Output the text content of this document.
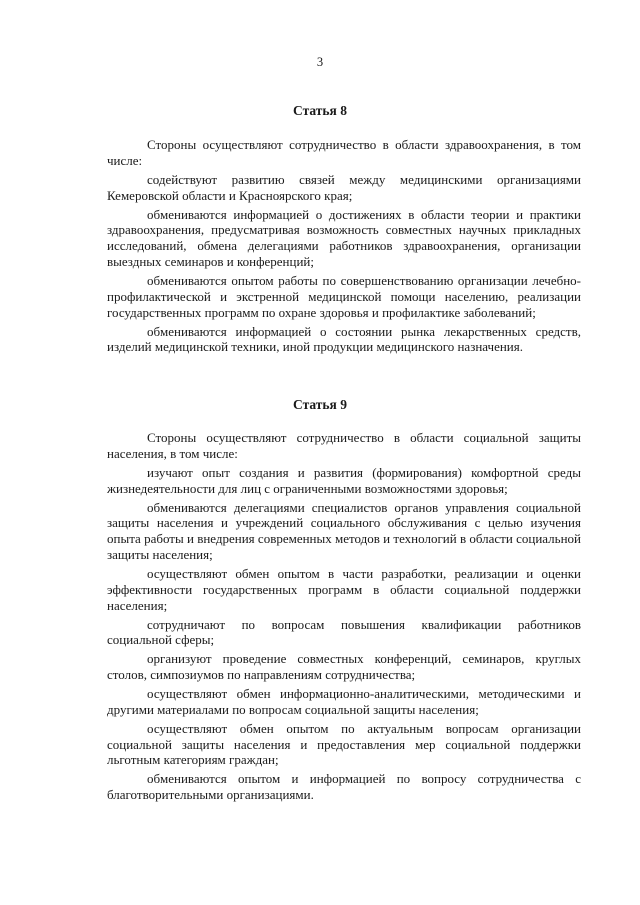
3
Статья 8

Стороны осуществляют сотрудничество в области здравоохранения, в том числе:

содействуют развитию связей между медицинскими организациями Кемеровской области и Красноярского края;

обмениваются информацией о достижениях в области теории и практики здравоохранения, предусматривая возможность совместных научных прикладных исследований, обмена делегациями работников здравоохранения, организации выездных семинаров и конференций;

обмениваются опытом работы по совершенствованию организации лечебно-профилактической и экстренной медицинской помощи населению, реализации государственных программ по охране здоровья и профилактике заболеваний;

обмениваются информацией о состоянии рынка лекарственных средств, изделий медицинской техники, иной продукции медицинского назначения.

Статья 9

Стороны осуществляют сотрудничество в области социальной защиты населения, в том числе:

изучают опыт создания и развития (формирования) комфортной среды жизнедеятельности для лиц с ограниченными возможностями здоровья;

обмениваются делегациями специалистов органов управления социальной защиты населения и учреждений социального обслуживания с целью изучения опыта работы и внедрения современных методов и технологий в области социальной защиты населения;

осуществляют обмен опытом в части разработки, реализации и оценки эффективности государственных программ в области социальной поддержки населения;

сотрудничают по вопросам повышения квалификации работников социальной сферы;

организуют проведение совместных конференций, семинаров, круглых столов, симпозиумов по направлениям сотрудничества;

осуществляют обмен информационно-аналитическими, методическими и другими материалами по вопросам социальной защиты населения;

осуществляют обмен опытом по актуальным вопросам организации социальной защиты населения и предоставления мер социальной поддержки льготным категориям граждан;

обмениваются опытом и информацией по вопросу сотрудничества с благотворительными организациями.
